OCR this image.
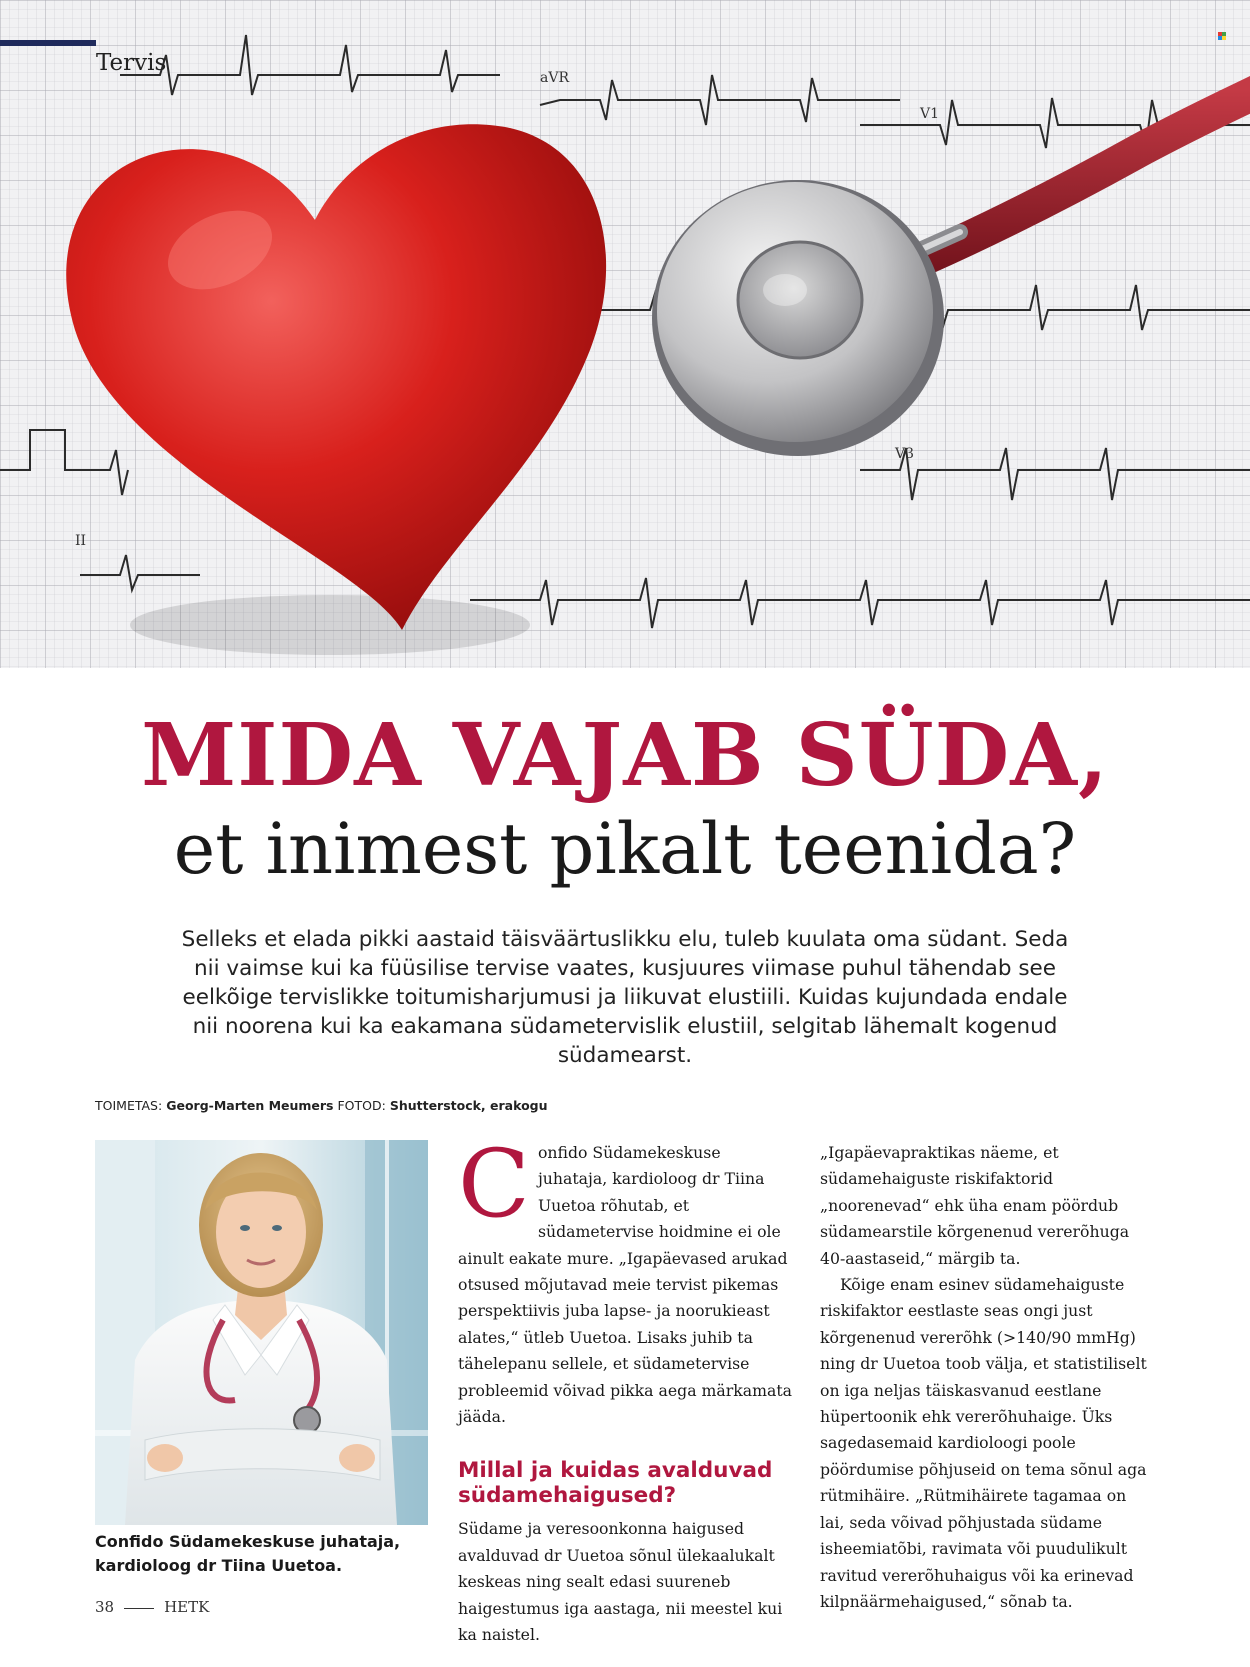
aVR
V1
V3
II
Tervis
MIDA VAJAB SÜDA,
et inimest pikalt teenida?
Selleks et elada pikki aastaid täisväärtuslikku elu, tuleb kuulata oma südant. Seda nii vaimse kui ka füüsilise tervise vaates, kusjuures viimase puhul tähendab see eelkõige tervislikke toitumisharjumusi ja liikuvat elustiili. Kuidas kujundada endale nii noorena kui ka eakamana südametervislik elustiil, selgitab lähemalt kogenud südamearst.
TOIMETAS: Georg-Marten Meumers FOTOD: Shutterstock, erakogu
Confido Südamekeskuse juhataja, kardioloog dr Tiina Uuetoa.

Confido Südamekeskuse juhataja, kardioloog dr Tiina Uuetoa rõhutab, et südametervise hoidmine ei ole ainult eakate mure. „Igapäevased arukad otsused mõjutavad meie tervist pikemas perspektiivis juba lapse- ja noorukieast alates,“ ütleb Uuetoa. Lisaks juhib ta tähelepanu sellele, et südametervise probleemid võivad pikka aega märkamata jääda.

Millal ja kuidas avalduvad südamehaigused?

Südame ja veresoonkonna haigused avalduvad dr Uuetoa sõnul ülekaalukalt keskeas ning sealt edasi suureneb haigestumus iga aastaga, nii meestel kui ka naistel.

„Igapäevapraktikas näeme, et südamehaiguste riskifaktorid „noorenevad“ ehk üha enam pöördub südamearstile kõrgenenud vererõhuga 40-aastaseid,“ märgib ta.

Kõige enam esinev südamehaiguste riskifaktor eestlaste seas ongi just kõrgenenud vererõhk (>140/90 mmHg) ning dr Uuetoa toob välja, et statistiliselt on iga neljas täiskasvanud eestlane hüpertoonik ehk vererõhuhaige. Üks sagedasemaid kardioloogi poole pöördumise põhjuseid on tema sõnul aga rütmihäire. „Rütmihäirete tagamaa on lai, seda võivad põhjustada südame isheemiatõbi, ravimata või puudulikult ravitud vererõhuhaigus või ka erinevad kilpnäärmehaigused,“ sõnab ta.

38	HETK
